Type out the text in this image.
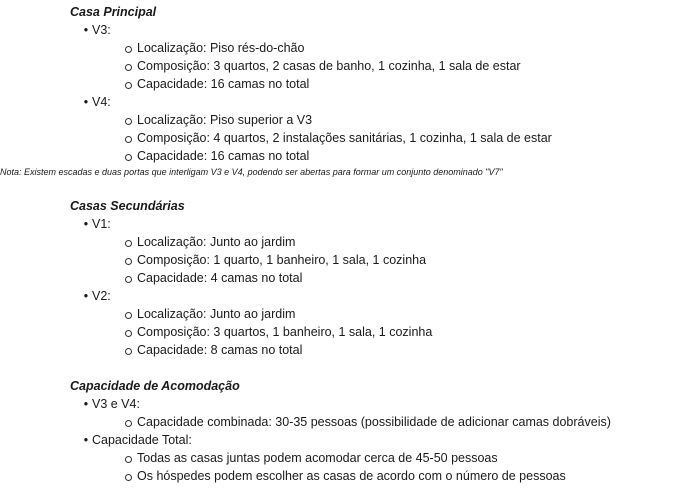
Casa Principal
• V3:
Localização: Piso rés-do-chão
Composição: 3 quartos, 2 casas de banho, 1 cozinha, 1 sala de estar
Capacidade: 16 camas no total
• V4:
Localização: Piso superior a V3
Composição: 4 quartos, 2 instalações sanitárias, 1 cozinha, 1 sala de estar
Capacidade: 16 camas no total
Nota: Existem escadas e duas portas que interligam V3 e V4, podendo ser abertas para formar um conjunto denominado "V7"
Casas Secundárias
• V1:
Localização: Junto ao jardim
Composição: 1 quarto, 1 banheiro, 1 sala, 1 cozinha
Capacidade: 4 camas no total
• V2:
Localização: Junto ao jardim
Composição: 3 quartos, 1 banheiro, 1 sala, 1 cozinha
Capacidade: 8 camas no total
Capacidade de Acomodação
• V3 e V4:
Capacidade combinada: 30-35 pessoas (possibilidade de adicionar camas dobráveis)
• Capacidade Total:
Todas as casas juntas podem acomodar cerca de 45-50 pessoas
Os hóspedes podem escolher as casas de acordo com o número de pessoas
